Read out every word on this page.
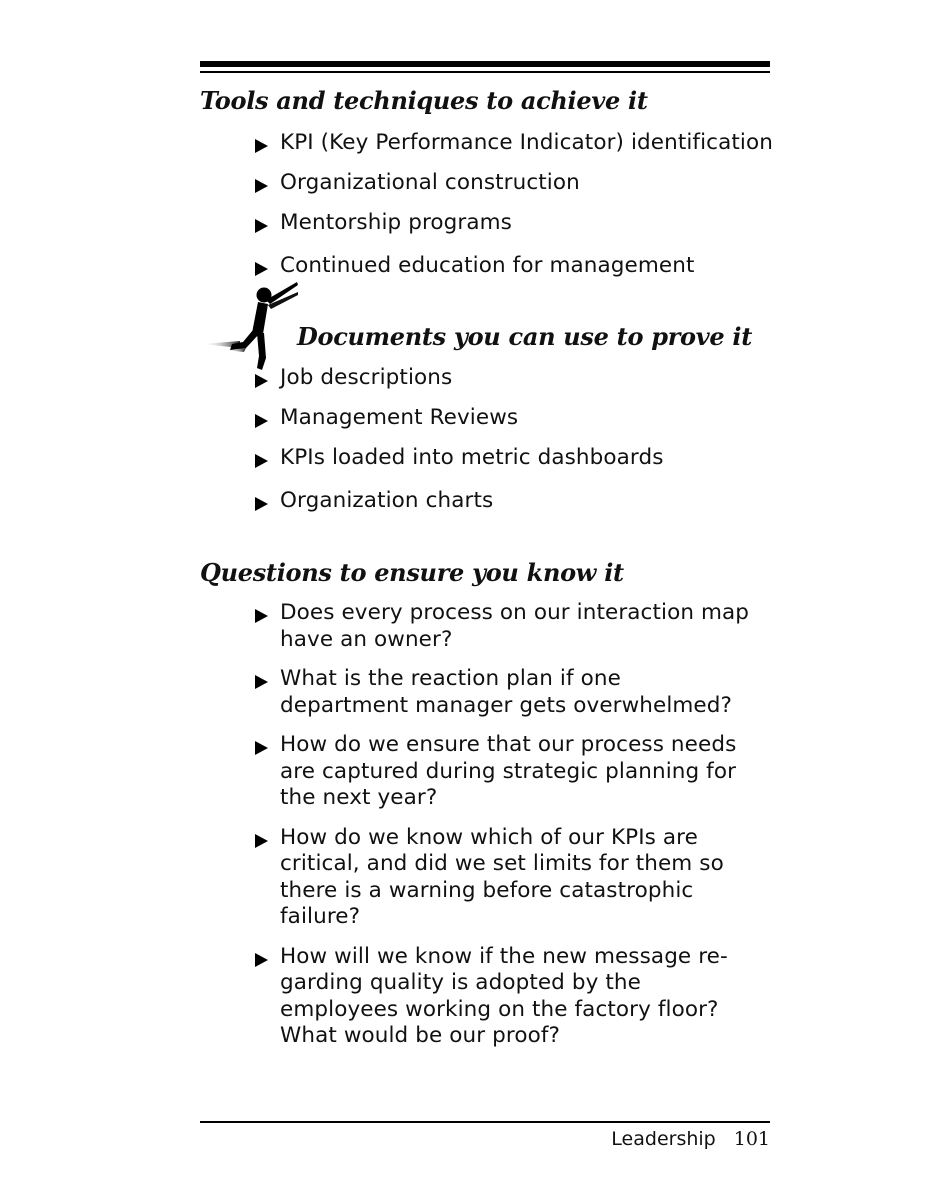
Tools and techniques to achieve it
KPI (Key Performance Indicator) identification
Organizational construction
Mentorship programs
Continued education for management
Documents you can use to prove it
Job descriptions
Management Reviews
KPIs loaded into metric dashboards
Organization charts
Questions to ensure you know it
Does every process on our interaction map have an owner?
What is the reaction plan if one department manager gets overwhelmed?
How do we ensure that our process needs are captured during strategic planning for the next year?
How do we know which of our KPIs are critical, and did we set limits for them so there is a warning before catastrophic failure?
How will we know if the new message re-garding quality is adopted by the employees working on the factory floor? What would be our proof?
Leadership 101
